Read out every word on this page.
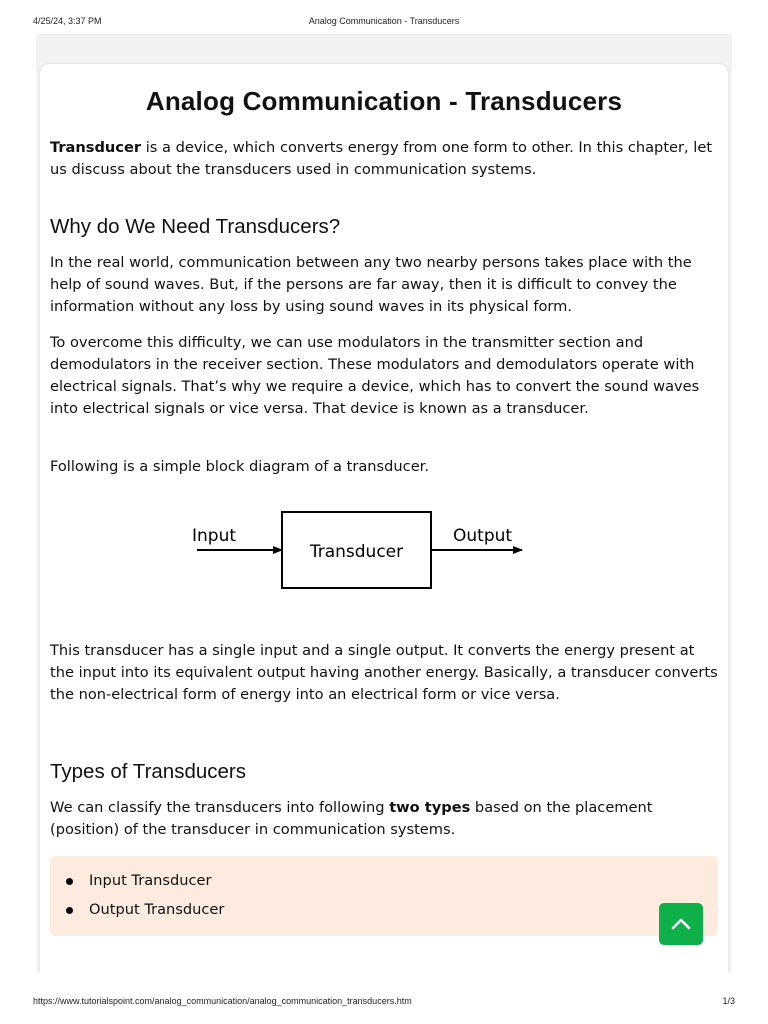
4/25/24, 3:37 PM	Analog Communication - Transducers
Analog Communication - Transducers

Transducer is a device, which converts energy from one form to other. In this chapter, let us discuss about the transducers used in communication systems.

Why do We Need Transducers?

In the real world, communication between any two nearby persons takes place with the help of sound waves. But, if the persons are far away, then it is difficult to convey the information without any loss by using sound waves in its physical form.

To overcome this difficulty, we can use modulators in the transmitter section and demodulators in the receiver section. These modulators and demodulators operate with electrical signals. That’s why we require a device, which has to convert the sound waves into electrical signals or vice versa. That device is known as a transducer.

Following is a simple block diagram of a transducer.

Input
Transducer
Output

This transducer has a single input and a single output. It converts the energy present at the input into its equivalent output having another energy. Basically, a transducer converts the non-electrical form of energy into an electrical form or vice versa.

Types of Transducers

We can classify the transducers into following two types based on the placement (position) of the transducer in communication systems.

Input Transducer
Output Transducer
https://www.tutorialspoint.com/analog_communication/analog_communication_transducers.htm	1/3
